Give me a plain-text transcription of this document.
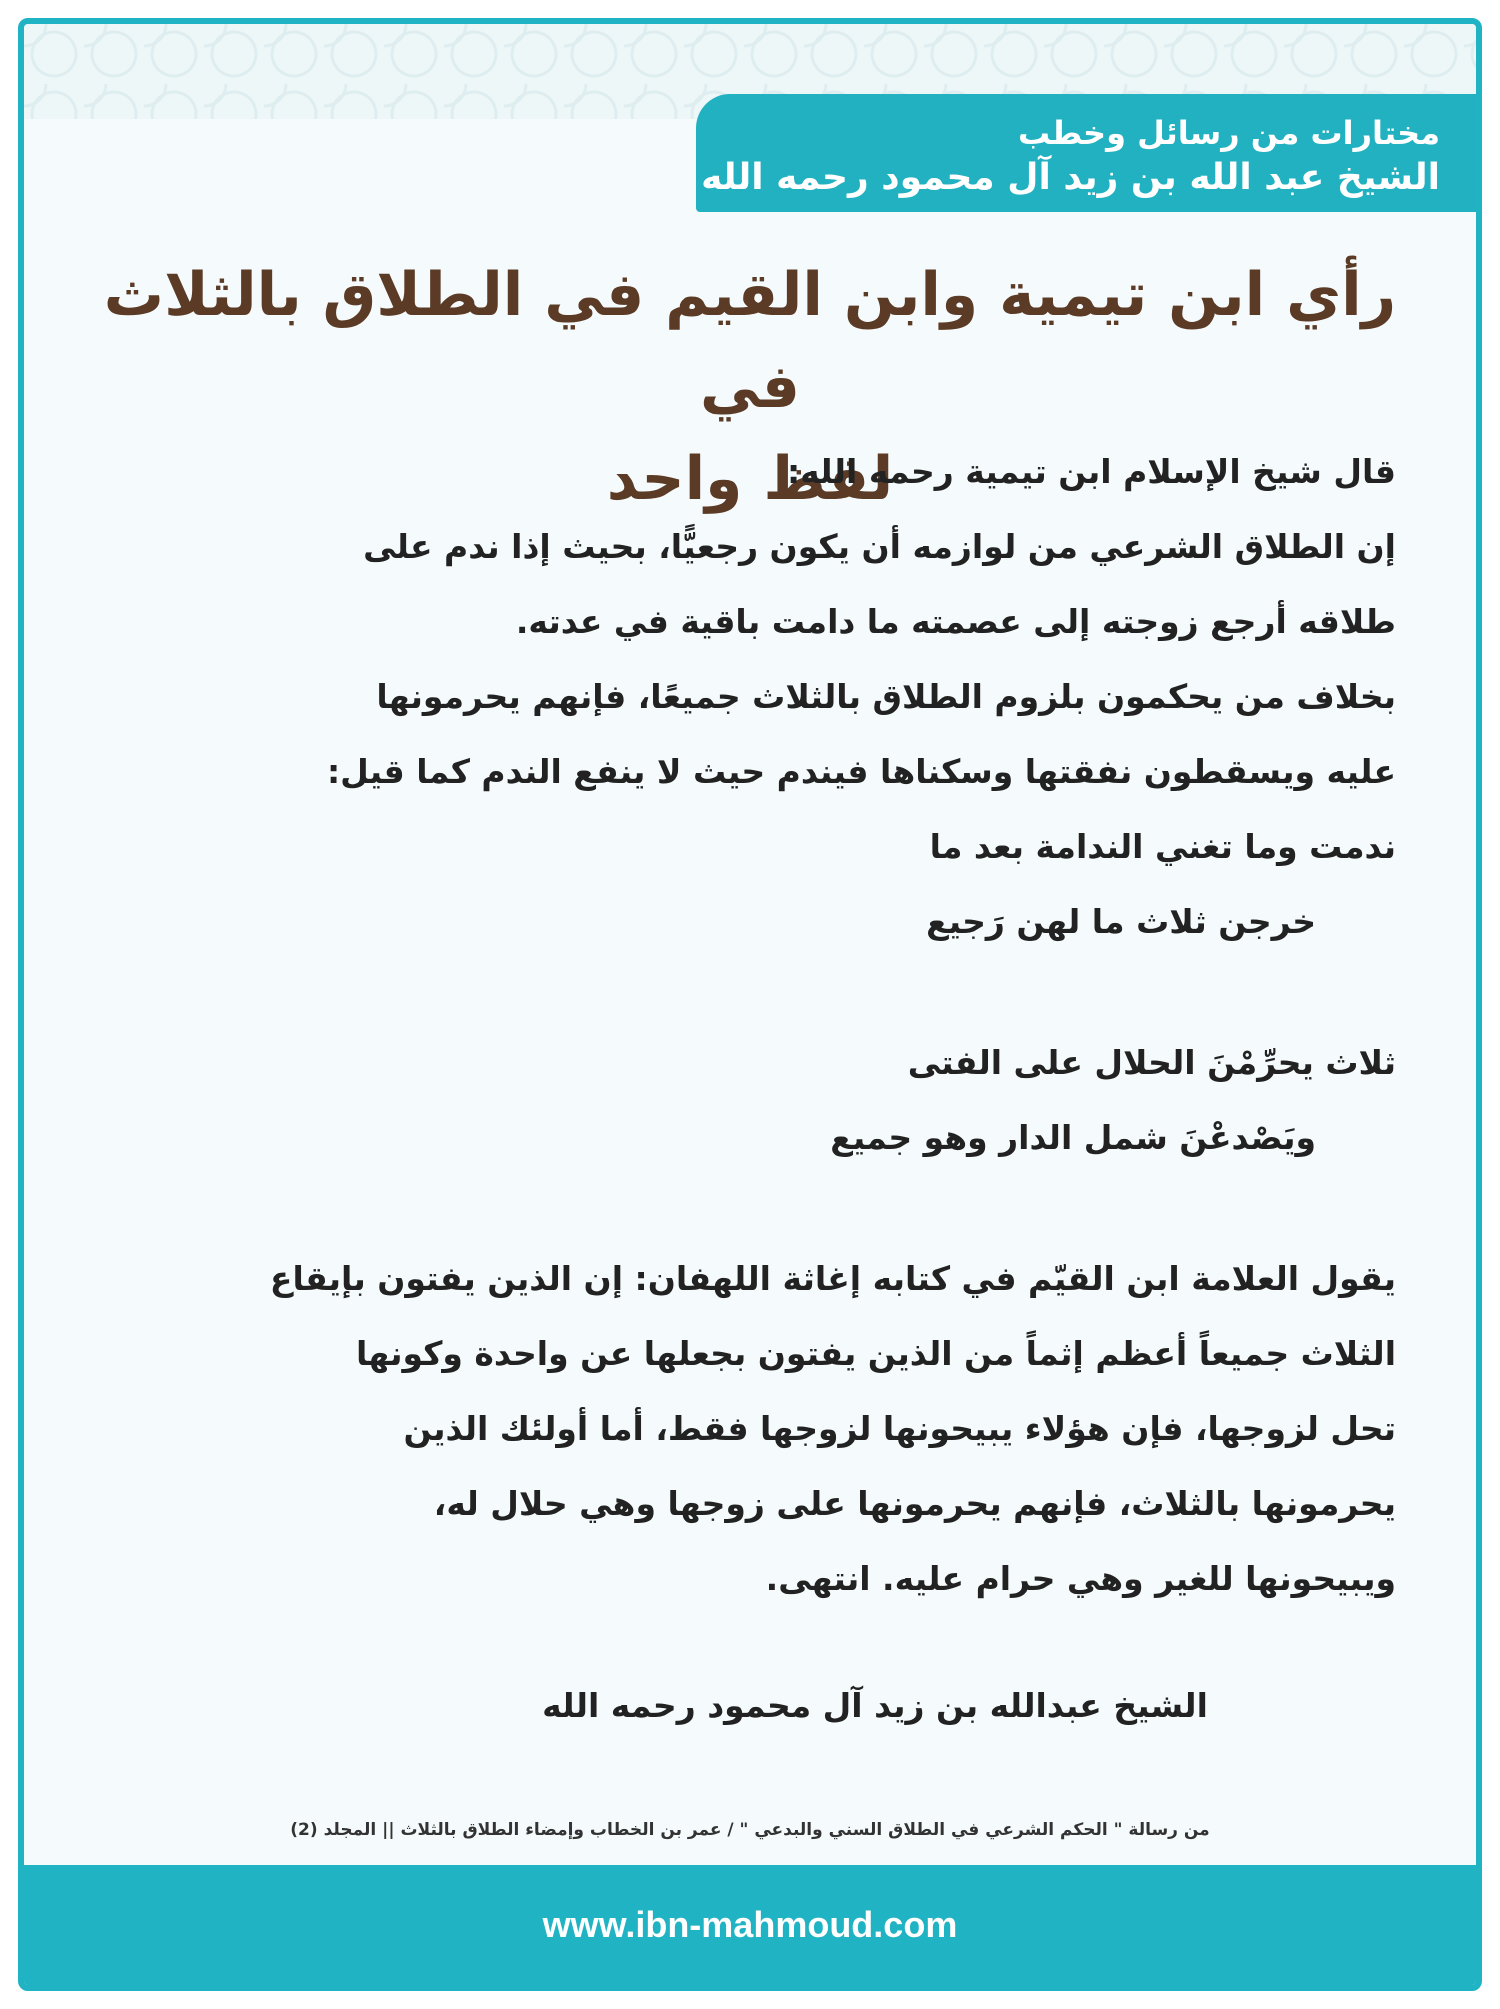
مختارات من رسائل وخطب
الشيخ عبد الله بن زيد آل محمود رحمه الله
رأي ابن تيمية وابن القيم في الطلاق بالثلاث في
لفظ واحد

قال شيخ الإسلام ابن تيمية رحمه الله:

إن الطلاق الشرعي من لوازمه أن يكون رجعيًّا، بحيث إذا ندم على

طلاقه أرجع زوجته إلى عصمته ما دامت باقية في عدته.

بخلاف من يحكمون بلزوم الطلاق بالثلاث جميعًا، فإنهم يحرمونها

عليه ويسقطون نفقتها وسكناها فيندم حيث لا ينفع الندم كما قيل:

ندمت وما تغني الندامة بعد ما

خرجن ثلاث ما لهن رَجيع

ثلاث يحرِّمْنَ الحلال على الفتى

ويَصْدعْنَ شمل الدار وهو جميع

يقول العلامة ابن القيّم في كتابه إغاثة اللهفان: إن الذين يفتون بإيقاع

الثلاث جميعاً أعظم إثماً من الذين يفتون بجعلها عن واحدة وكونها

تحل لزوجها، فإن هؤلاء يبيحونها لزوجها فقط، أما أولئك الذين

يحرمونها بالثلاث، فإنهم يحرمونها على زوجها وهي حلال له،

ويبيحونها للغير وهي حرام عليه. انتهى.

الشيخ عبدالله بن زيد آل محمود رحمه الله

من رسالة " الحكم الشرعي في الطلاق السني والبدعي " / عمر بن الخطاب وإمضاء الطلاق بالثلاث || المجلد (2)
www.ibn-mahmoud.com
